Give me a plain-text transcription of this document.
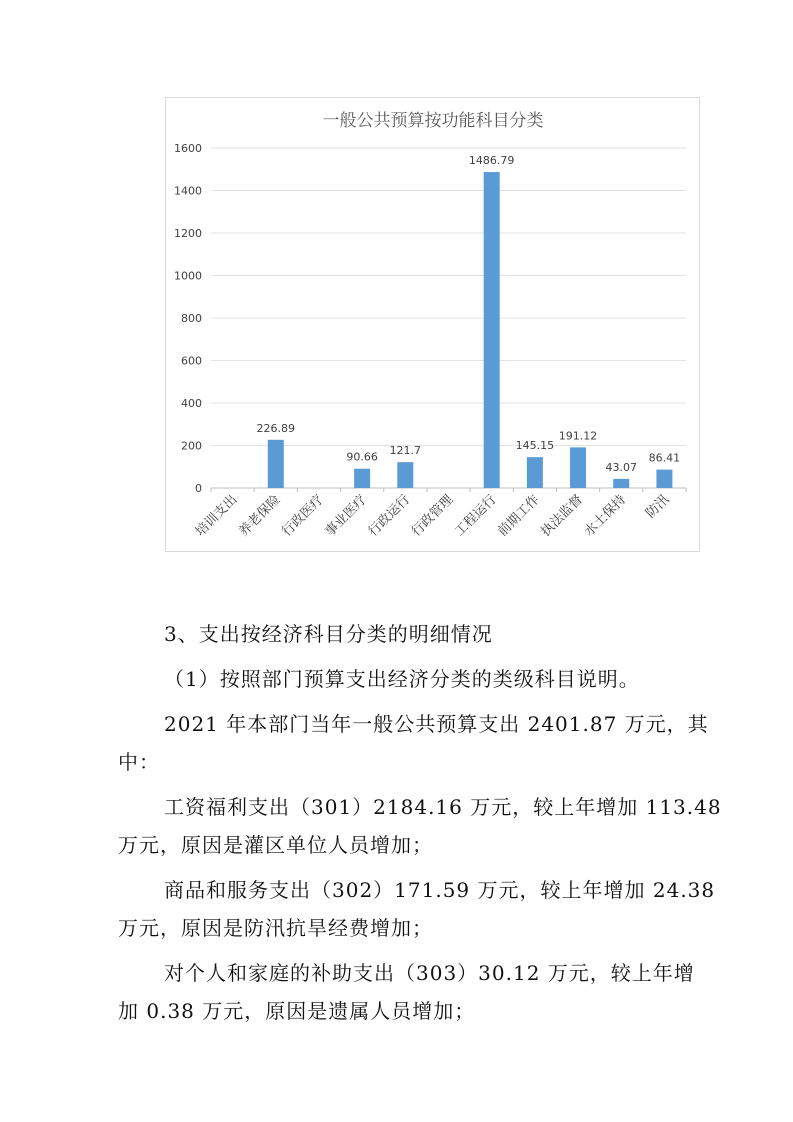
一般公共预算按功能科目分类
0
200
400
600
800
1000
1200
1400
1600
培训支出
226.89
养老保险
行政医疗
90.66
事业医疗
121.7
行政运行
行政管理
1486.79
工程运行
145.15
前期工作
191.12
执法监督
43.07
水土保持
86.41
防汛
3、支出按经济科目分类的明细情况
（1）按照部门预算支出经济分类的类级科目说明。
2021 年本部门当年一般公共预算支出 2401.87 万元，其
中：
工资福利支出（301）2184.16 万元，较上年增加 113.48
万元，原因是灌区单位人员增加；
商品和服务支出（302）171.59 万元，较上年增加 24.38
万元，原因是防汛抗旱经费增加；
对个人和家庭的补助支出（303）30.12 万元，较上年增
加 0.38 万元，原因是遗属人员增加；
